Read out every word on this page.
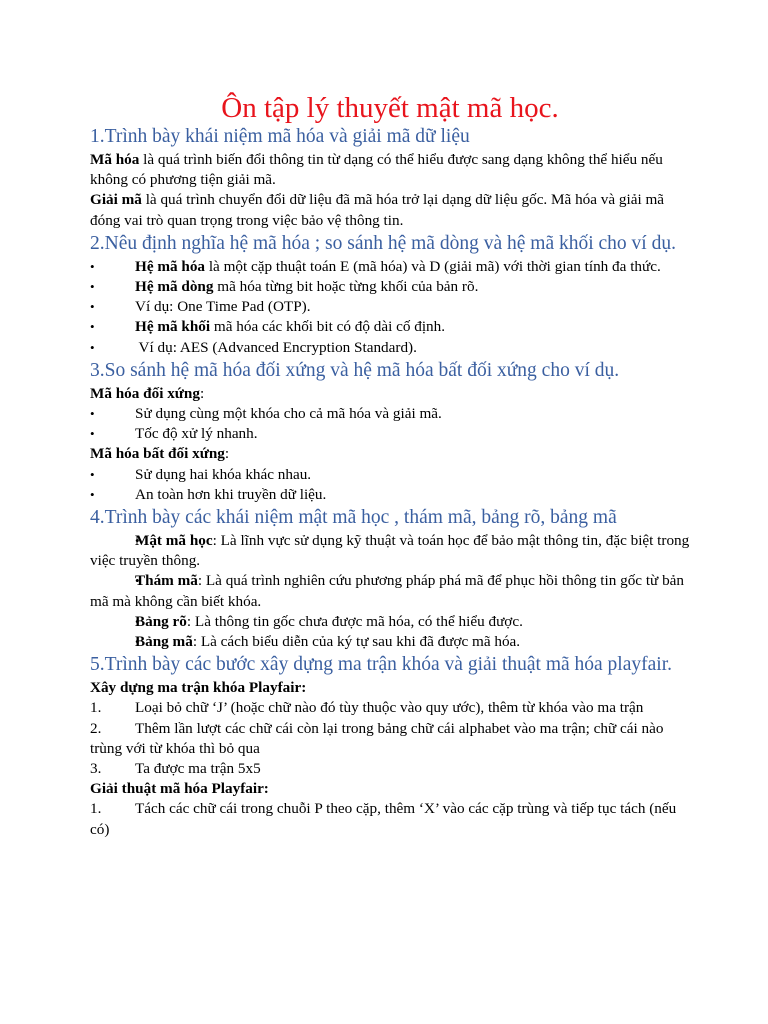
Ôn tập lý thuyết mật mã học.
1.Trình bày khái niệm mã hóa và giải mã dữ liệu

Mã hóa là quá trình biến đổi thông tin từ dạng có thể hiểu được sang dạng không thể hiểu nếu không có phương tiện giải mã.

Giải mã là quá trình chuyển đổi dữ liệu đã mã hóa trở lại dạng dữ liệu gốc. Mã hóa và giải mã đóng vai trò quan trọng trong việc bảo vệ thông tin.

2.Nêu định nghĩa hệ mã hóa ; so sánh hệ mã dòng và hệ mã khối cho ví dụ.
• Hệ mã hóa là một cặp thuật toán E (mã hóa) và D (giải mã) với thời gian tính đa thức.
• Hệ mã dòng mã hóa từng bit hoặc từng khối của bản rõ.
• Ví dụ: One Time Pad (OTP).
• Hệ mã khối mã hóa các khối bit có độ dài cố định.
•  Ví dụ: AES (Advanced Encryption Standard).
3.So sánh hệ mã hóa đối xứng và hệ mã hóa bất đối xứng cho ví dụ.

Mã hóa đối xứng:

• Sử dụng cùng một khóa cho cả mã hóa và giải mã.
• Tốc độ xử lý nhanh.

Mã hóa bất đối xứng:

• Sử dụng hai khóa khác nhau.
• An toàn hơn khi truyền dữ liệu.
4.Trình bày các khái niệm mật mã học , thám mã, bảng rõ, bảng mã
• Mật mã học: Là lĩnh vực sử dụng kỹ thuật và toán học để bảo mật thông tin, đặc biệt trong việc truyền thông.
• Thám mã: Là quá trình nghiên cứu phương pháp phá mã để phục hồi thông tin gốc từ bản mã mà không cần biết khóa.
• Bảng rõ: Là thông tin gốc chưa được mã hóa, có thể hiểu được.
• Bảng mã: Là cách biểu diễn của ký tự sau khi đã được mã hóa.
5.Trình bày các bước xây dựng ma trận khóa và giải thuật mã hóa playfair.

Xây dựng ma trận khóa Playfair:

1. Loại bỏ chữ ‘J’ (hoặc chữ nào đó tùy thuộc vào quy ước), thêm từ khóa vào ma trận

2. Thêm lần lượt các chữ cái còn lại trong bảng chữ cái alphabet vào ma trận; chữ cái nào trùng với từ khóa thì bỏ qua

3. Ta được ma trận 5x5

Giải thuật mã hóa Playfair:

1. Tách các chữ cái trong chuỗi P theo cặp, thêm ‘X’ vào các cặp trùng và tiếp tục tách (nếu có)
